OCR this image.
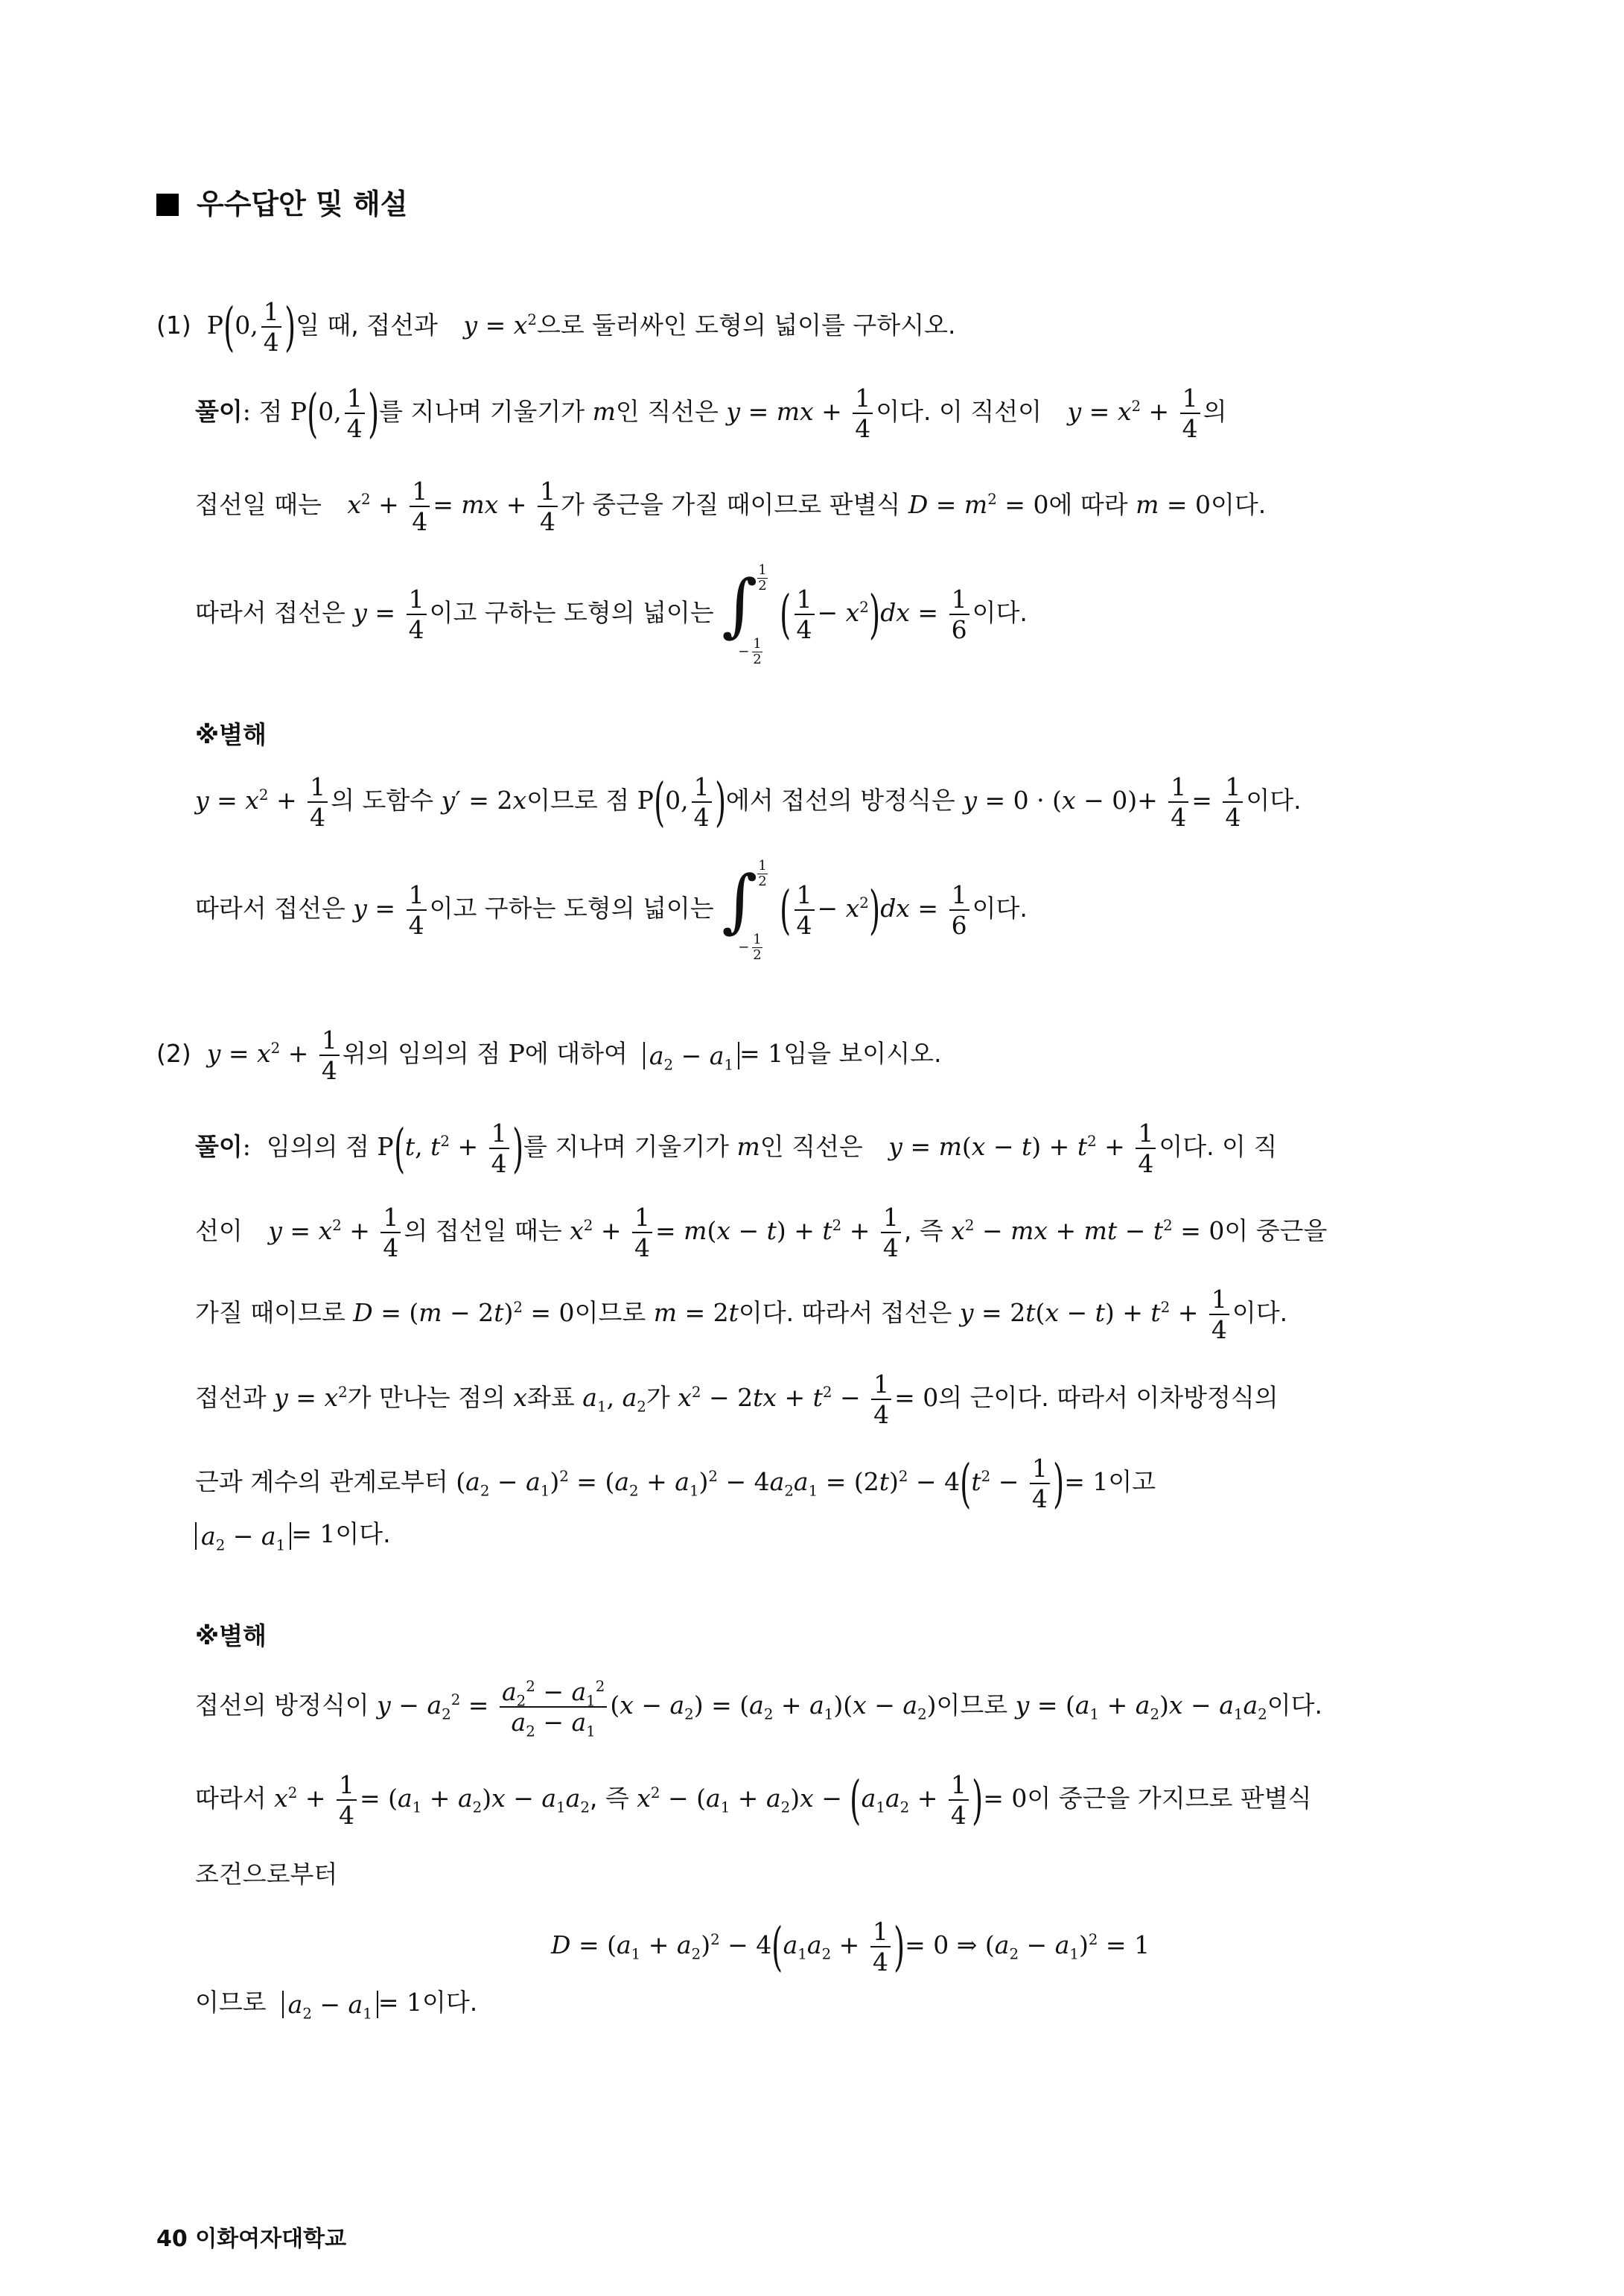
우수답안 및 해설
(1)  P(0, $\frac{1}{4}$ )일 때, 접선과 $y = x^2$으로 둘러싸인 도형의 넓이를 구하시오.
풀이: 점 P(0, $\frac{1}{4}$ )를 지나며 기울기가 m인 직선은 y = mx + $\frac{1}{4}$ 이다. 이 직선이 $y = x^2 + \frac{1}{4}$ 의
접선일 때는 $x^2 + \frac{1}{4}$ = mx + $\frac{1}{4}$ 가 중근을 가질 때이므로 판별식 $D = m^2 = 0$에 따라 m = 0이다.
따라서 접선은 $y = \frac{1}{4}$ 이고 구하는 도형의 넓이는 ∫ $\frac{1}{2}$
− $\frac{1}{2}$
( $\frac{1}{4} - x^2)dx = \frac{1}{6}$ 이다.
※별해
$y = x^2 + \frac{1}{4}$ 의 도함수 y′ = 2x이므로 점 P(0, $\frac{1}{4}$ )에서 접선의 방정식은 $y = 0 \cdot (x - 0)+ \frac{1}{4} = \frac{1}{4}$ 이다.
따라서 접선은 $y = \frac{1}{4}$ 이고 구하는 도형의 넓이는 ∫ $\frac{1}{2}$
− $\frac{1}{2}$
( $\frac{1}{4} - x^2)dx = \frac{1}{6}$ 이다.
(2) $y = x^2 + \frac{1}{4}$ 위의 임의의 점 P에 대하여 $a_2 - a_1 = 1$임을 보이시오.
풀이:  임의의 점 P(t, $t^2 + \frac{1}{4}$ )를 지나며 기울기가 m인 직선은 $y = m(x - t) + t^2 + \frac{1}{4}$ 이다. 이 직
선이 $y = x^2 + \frac{1}{4}$ 의 접선일 때는 $x^2 + \frac{1}{4} = m(x - t) + t^2 + \frac{1}{4}$ , 즉 $x^2$ − mx + mt − $t^2 = 0$이 중근을
가질 때이므로 $D = (m - 2t)^2 = 0$이므로 m = 2t이다. 따라서 접선은 $y = 2t(x - t) + t^2 + \frac{1}{4}$ 이다.
접선과 $y = x^2$가 만나는 점의 x좌표 $a_1$, $a_2$가 $x^2 - 2tx + t^2 - \frac{1}{4} = 0$의 근이다. 따라서 이차방정식의
근과 계수의 관계로부터 $(a_2 - a_1)^2 = (a_2 + a_1)^2 - 4a_2a_1 = (2t)^2 - 4(t^2 - \frac{1}{4}$ )= 1이고
$a_2 - a_1 = 1$이다.
※별해
접선의 방정식이 $y - a_2^2 = \frac{a_2^2 - a_1^2}{a_2 - a_1} (x - a_2) = (a_2 + a_1)(x - a_2)$이므로 $y = (a_1 + a_2)x - a_1a_2$이다.
따라서 $x^2 + \frac{1}{4} = (a_1 + a_2)x - a_1a_2$, 즉 $x^2 - (a_1 + a_2)x - (a_1a_2 + \frac{1}{4}$ )= 0이 중근을 가지므로 판별식
조건으로부터
$D = (a_1 + a_2)^2 - 4(a_1a_2 + \frac{1}{4}$ )= 0 ⇒ $(a_2 - a_1)^2 = 1$
이므로 $a_2 - a_1 = 1$이다.
40 이화여자대학교
